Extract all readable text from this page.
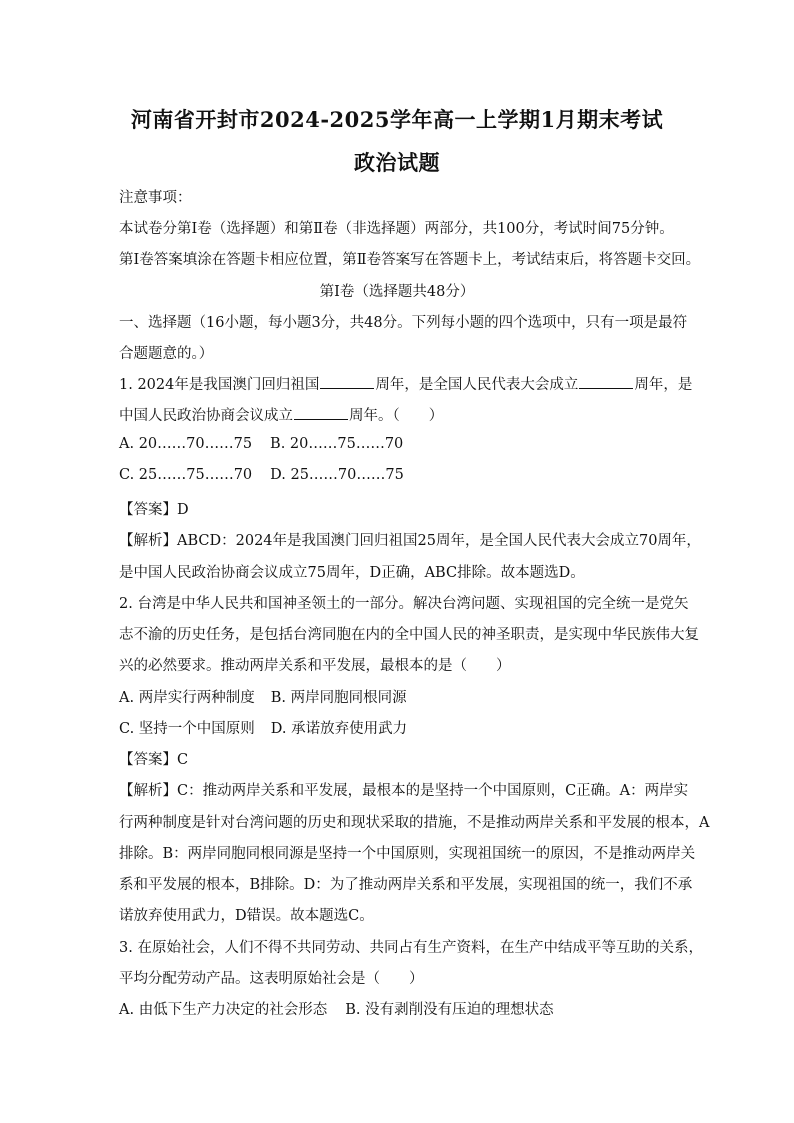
河南省开封市2024-2025学年高一上学期1月期末考试
政治试题
注意事项：
本试卷分第Ⅰ卷（选择题）和第Ⅱ卷（非选择题）两部分，共100分，考试时间75分钟。
第Ⅰ卷答案填涂在答题卡相应位置，第Ⅱ卷答案写在答题卡上，考试结束后，将答题卡交回。
第Ⅰ卷（选择题共48分）
一、选择题（16小题，每小题3分，共48分。下列每小题的四个选项中，只有一项是最符
合题题意的。）
1. 2024年是我国澳门回归祖国	周年，是全国人民代表大会成立	周年，是
中国人民政治协商会议成立	周年。（　　）
A. 20……70……75 B. 20……75……70
C. 25……75……70 D. 25……70……75
【答案】D
【解析】ABCD：2024年是我国澳门回归祖国25周年，是全国人民代表大会成立70周年，
是中国人民政治协商会议成立75周年，D正确，ABC排除。故本题选D。
2. 台湾是中华人民共和国神圣领土的一部分。解决台湾问题、实现祖国的完全统一是党矢
志不渝的历史任务，是包括台湾同胞在内的全中国人民的神圣职责，是实现中华民族伟大复
兴的必然要求。推动两岸关系和平发展，最根本的是（　　）
A. 两岸实行两种制度 B. 两岸同胞同根同源
C. 坚持一个中国原则 D. 承诺放弃使用武力
【答案】C
【解析】C：推动两岸关系和平发展，最根本的是坚持一个中国原则，C正确。A：两岸实
行两种制度是针对台湾问题的历史和现状采取的措施，不是推动两岸关系和平发展的根本，A
排除。B：两岸同胞同根同源是坚持一个中国原则，实现祖国统一的原因，不是推动两岸关
系和平发展的根本，B排除。D：为了推动两岸关系和平发展，实现祖国的统一，我们不承
诺放弃使用武力，D错误。故本题选C。
3. 在原始社会，人们不得不共同劳动、共同占有生产资料，在生产中结成平等互助的关系，
平均分配劳动产品。这表明原始社会是（　　）
A. 由低下生产力决定的社会形态 B. 没有剥削没有压迫的理想状态
